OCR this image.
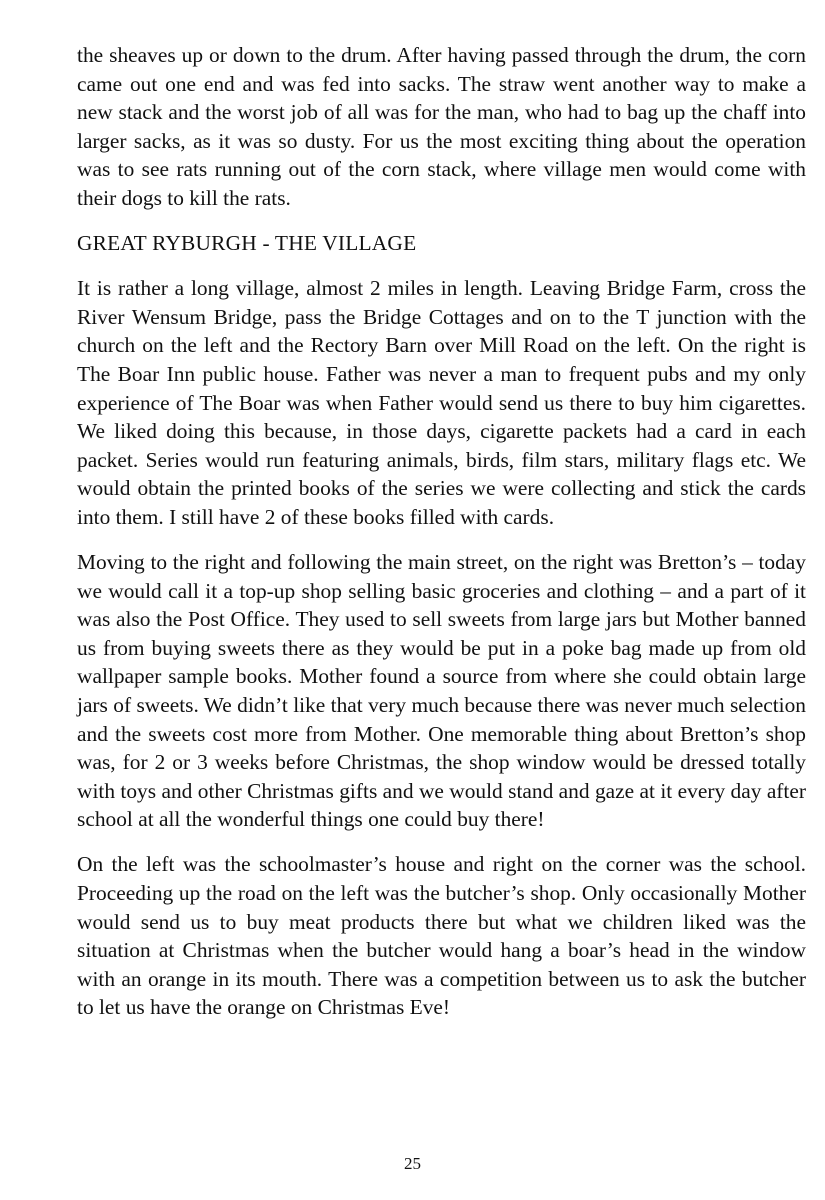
the sheaves up or down to the drum. After having passed through the drum, the corn came out one end and was fed into sacks. The straw went another way to make a new stack and the worst job of all was for the man, who had to bag up the chaff into larger sacks, as it was so dusty. For us the most exciting thing about the operation was to see rats running out of the corn stack, where village men would come with their dogs to kill the rats.

GREAT RYBURGH - THE VILLAGE

It is rather a long village, almost 2 miles in length. Leaving Bridge Farm, cross the River Wensum Bridge, pass the Bridge Cottages and on to the T junction with the church on the left and the Rectory Barn over Mill Road on the left. On the right is The Boar Inn public house. Father was never a man to frequent pubs and my only experience of The Boar was when Father would send us there to buy him cigarettes. We liked doing this because, in those days, cigarette packets had a card in each packet. Series would run featuring animals, birds, film stars, military flags etc. We would obtain the printed books of the series we were collecting and stick the cards into them. I still have 2 of these books filled with cards.

Moving to the right and following the main street, on the right was Bretton’s – today we would call it a top-up shop selling basic groceries and clothing – and a part of it was also the Post Office. They used to sell sweets from large jars but Mother banned us from buying sweets there as they would be put in a poke bag made up from old wallpaper sample books. Mother found a source from where she could obtain large jars of sweets. We didn’t like that very much because there was never much selection and the sweets cost more from Mother. One memorable thing about Bretton’s shop was, for 2 or 3 weeks before Christmas, the shop window would be dressed totally with toys and other Christmas gifts and we would stand and gaze at it every day after school at all the wonderful things one could buy there!

On the left was the schoolmaster’s house and right on the corner was the school. Proceeding up the road on the left was the butcher’s shop. Only occasionally Mother would send us to buy meat products there but what we children liked was the situation at Christmas when the butcher would hang a boar’s head in the window with an orange in its mouth. There was a competition between us to ask the butcher to let us have the orange on Christmas Eve!

25
